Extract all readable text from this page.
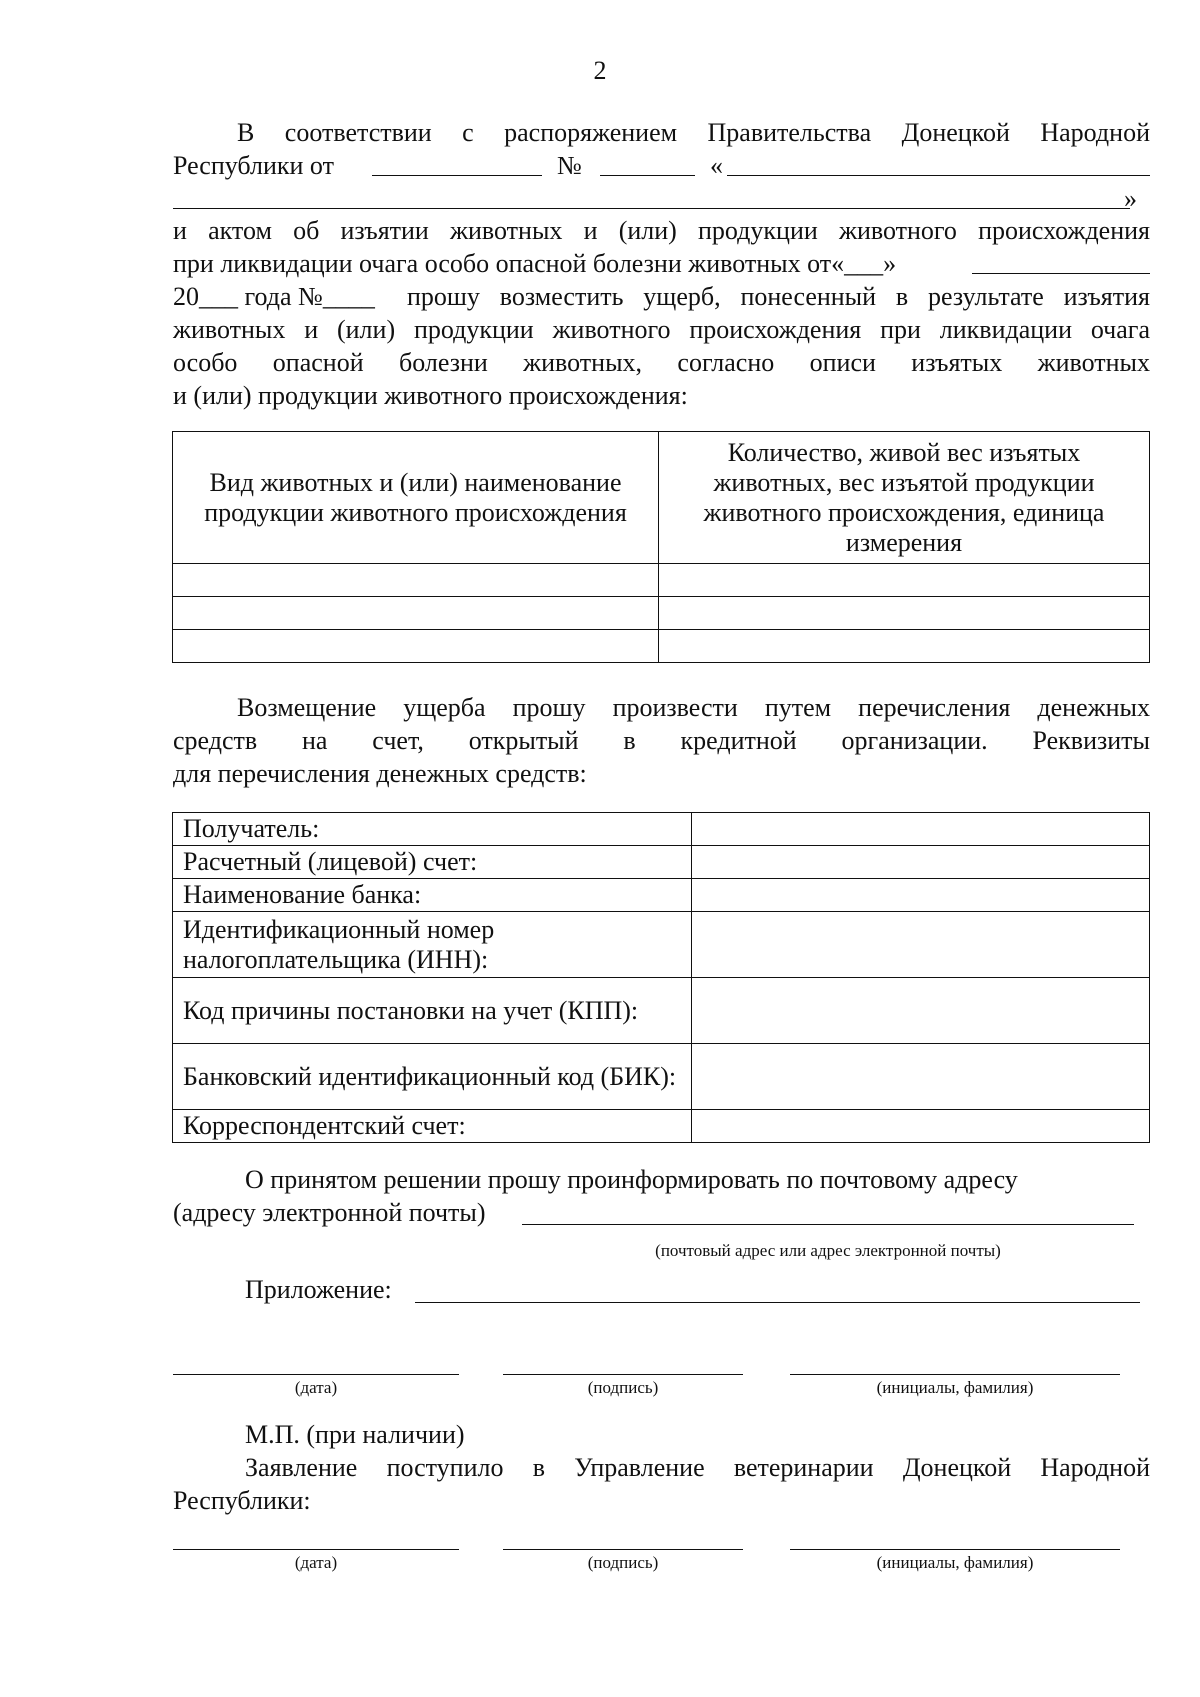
2
В соответствии с распоряжением Правительства Донецкой Народной
Республики от	№	«
»
и актом об изъятии животных и (или) продукции животного происхождения
при ликвидации очага особо опасной болезни животных от«___»
20___ года №____ прошу возместить ущерб, понесенный в результате изъятия
животных и (или) продукции животного происхождения при ликвидации очага
особо опасной болезни животных, согласно описи изъятых животных
и (или) продукции животного происхождения:
Вид животных и (или) наименование продукции животного происхождения	Количество, живой вес изъятых животных, вес изъятой продукции животного происхождения, единица измерения

Возмещение ущерба прошу произвести путем перечисления денежных
средств на счет, открытый в кредитной организации. Реквизиты
для перечисления денежных средств:
Получатель:	
Расчетный (лицевой) счет:	
Наименование банка:	
Идентификационный номер налогоплательщика (ИНН):	
Код причины постановки на учет (КПП):	
Банковский идентификационный код (БИК):	
Корреспондентский счет:	
О принятом решении прошу проинформировать по почтовому адресу
(адресу электронной почты)
(почтовый адрес или адрес электронной почты)
Приложение:
(дата)	(подпись)	(инициалы, фамилия)
М.П. (при наличии)
Заявление поступило в Управление ветеринарии Донецкой Народной
Республики:
(дата)	(подпись)	(инициалы, фамилия)
